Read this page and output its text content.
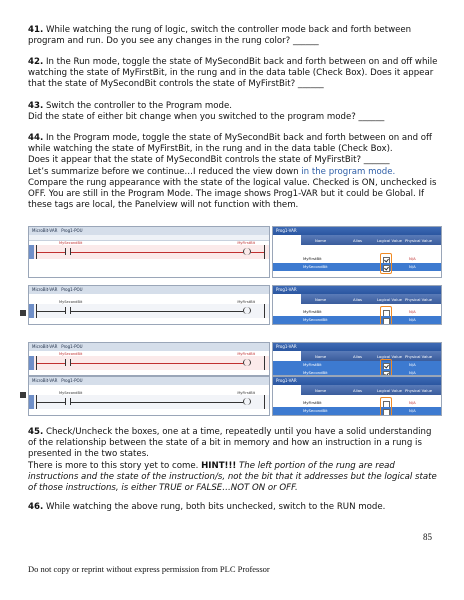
41. While watching the rung of logic, switch the controller mode back and forth between program and run. Do you see any changes in the rung color? ______
42. In the Run mode, toggle the state of MySecondBit back and forth between on and off while watching the state of MyFirstBit, in the rung and in the data table (Check Box). Does it appear that the state of MySecondBit controls the state of MyFirstBit? ______
43. Switch the controller to the Program mode.
Did the state of either bit change when you switched to the program mode? ______
44. In the Program mode, toggle the state of MySecondBit back and forth between on and off while watching the state of MyFirstBit, in the rung and in the data table (Check Box).
Does it appear that the state of MySecondBit controls the state of MyFirstBit? ______
Let’s summarize before we continue…I reduced the view down in the program mode.
Compare the rung appearance with the state of the logical value. Checked is ON, unchecked is OFF. You are still in the Program Mode. The image shows Prog1-VAR but it could be Global. If these tags are local, the Panelview will not function with them.
MicroBit-VAR Prog1-POU
MySecondBit	MyFirstBit
Prog1-VAR
Name	Alias	Logical Value Physical Value
MyFirstBit	N/A
MySecondBit	N/A
MicroBit-VAR Prog1-POU
MySecondBit	MyFirstBit
Prog1-VAR
Name	Alias	Logical Value Physical Value
MyFirstBit	N/A
MySecondBit	N/A
MicroBit-VAR Prog1-POU
MySecondBit	MyFirstBit
Prog1-VAR
Name	Alias	Logical Value Physical Value
MyFirstBit	N/A
MySecondBit	N/A
MicroBit-VAR Prog1-POU
MySecondBit	MyFirstBit
Prog1-VAR
Name	Alias	Logical Value Physical Value
MyFirstBit	N/A
MySecondBit	N/A
45. Check/Uncheck the boxes, one at a time, repeatedly until you have a solid understanding of the relationship between the state of a bit in memory and how an instruction in a rung is presented in the two states.
There is more to this story yet to come. HINT!!! The left portion of the rung are read instructions and the state of the instruction/s, not the bit that it addresses but the logical state of those instructions, is either TRUE or FALSE…NOT ON or OFF.
46. While watching the above rung, both bits unchecked, switch to the RUN mode.
85
Do not copy or reprint without express permission from PLC Professor
